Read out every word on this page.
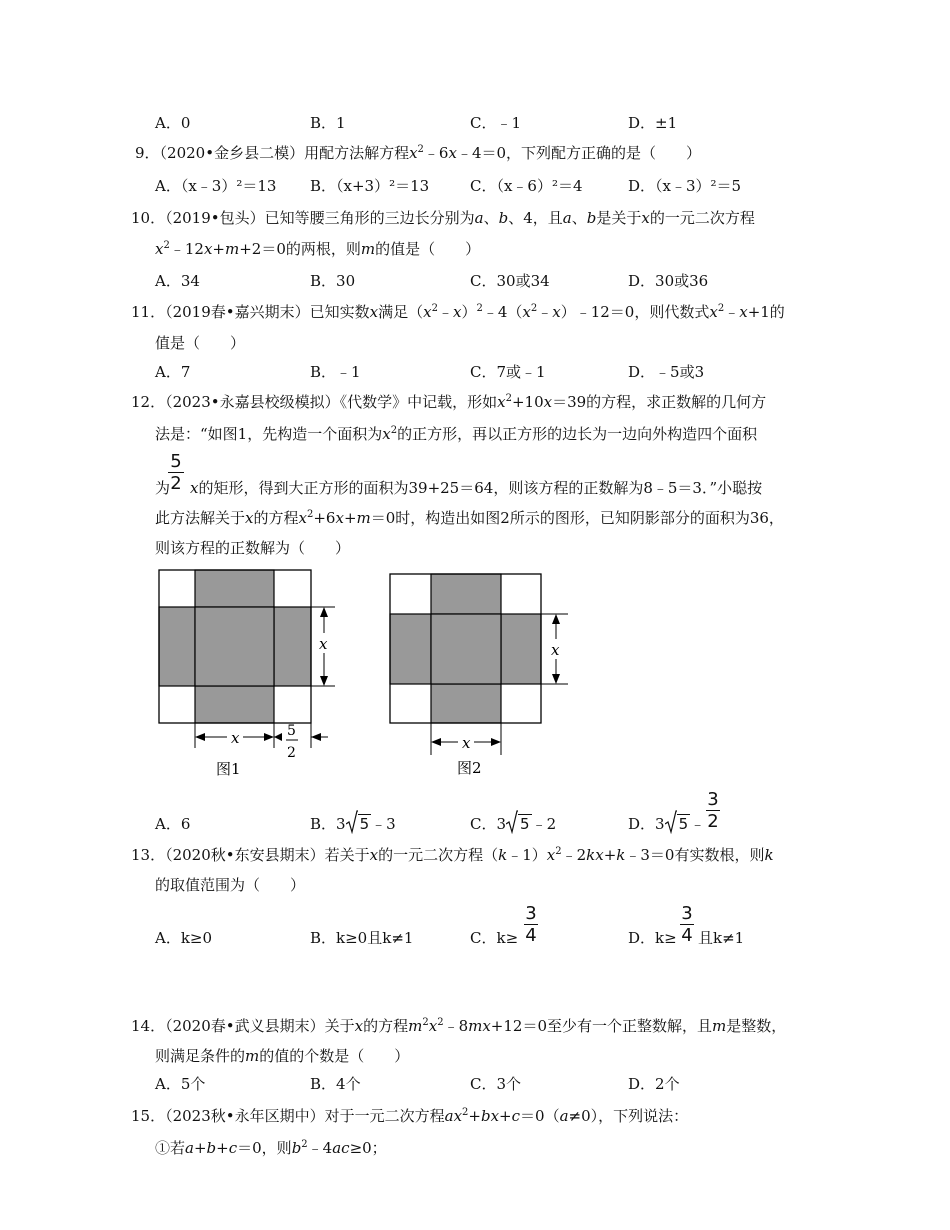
A．0	B．1	C．﹣1	D．±1
9．（2020•金乡县二模）用配方法解方程$x^2﹣6x﹣4=0$，下列配方正确的是（　　）
A．（x﹣3）²＝13 B．（x+3）²＝13	C．（x﹣6）²＝4	D．（x﹣3）²＝5
10．（2019•包头）已知等腰三角形的三边长分别为a、b、4，且a、b是关于x的一元二次方程
$x^2﹣12x+m+2=0$的两根，则m的值是（　　）
A．34	B．30	C．30或34	D．30或36
11．（2019春•嘉兴期末）已知实数x满足$(x^2﹣x)^2﹣4(x^2﹣x)﹣12=0$，则代数式$x^2﹣x+1$的
值是（　　）
A．7	B．﹣1	C．7或﹣1	D．﹣5或3
12．（2023•永嘉县校级模拟）《代数学》中记载，形如$x^2+10x=39$的方程，求正数解的几何方
法是：“如图1，先构造一个面积为$x^2$的正方形，再以正方形的边长为一边向外构造四个面积
5
2
为 x的矩形，得到大正方形的面积为39+25＝64，则该方程的正数解为8﹣5＝3．”小聪按
此方法解关于x的方程$x^2+6x+m=0$时，构造出如图2所示的图形，已知阴影部分的面积为36，
则该方程的正数解为（　　）
x
x	5
2
图1
x
x
图2
A．6	B．3 5 ﹣3	C．3 5 ﹣2	D．3 5 ﹣
3
2
13．（2020秋•东安县期末）若关于x的一元二次方程$(k﹣1)x^2﹣2kx+k﹣3=0$有实数根，则k
的取值范围为（　　）
A．k≥0	B．k≥0且k≠1	C．k≥
3
4	D．k≥
3
4 且k≠1
14．（2020春•武义县期末）关于x的方程$m^2x^2﹣8mx+12=0$至少有一个正整数解，且m是整数，
则满足条件的m的值的个数是（　　）
A．5个	B．4个	C．3个	D．2个
15．（2023秋•永年区期中）对于一元二次方程$ax^2+bx+c=0(a\ne 0)$，下列说法：
①若a+b+c＝0，则$b^2﹣4ac\ge 0$；
